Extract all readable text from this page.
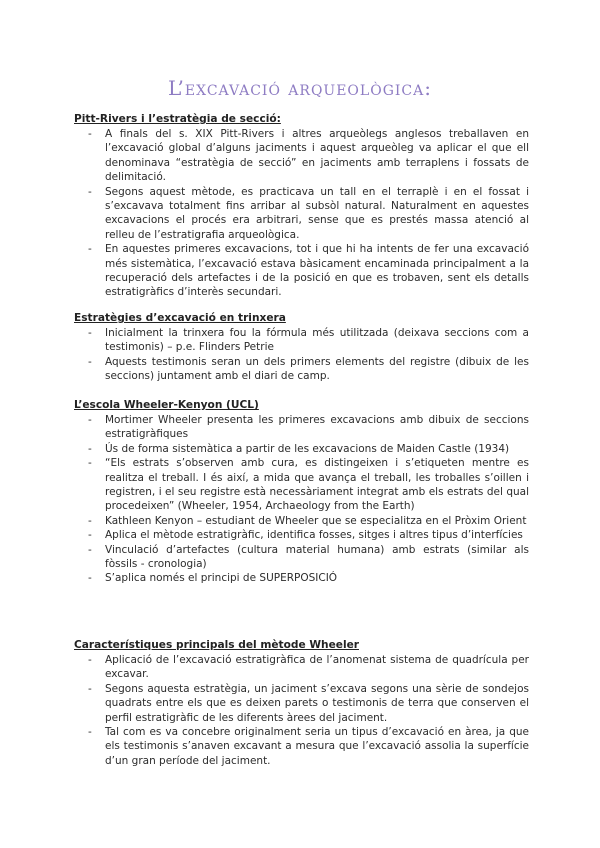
L’excavació arqueològica:
Pitt-Rivers i l’estratègia de secció:
- A finals del s. XIX Pitt-Rivers i altres arqueòlegs anglesos treballaven en l’excavació global d’alguns jaciments i aquest arqueòleg va aplicar el que ell denominava “estratègia de secció” en jaciments amb terraplens i fossats de delimitació.
- Segons aquest mètode, es practicava un tall en el terraplè i en el fossat i s’excavava totalment fins arribar al subsòl natural. Naturalment en aquestes excavacions el procés era arbitrari, sense que es prestés massa atenció al relleu de l’estratigrafia arqueològica.
- En aquestes primeres excavacions, tot i que hi ha intents de fer una excavació més sistemàtica, l’excavació estava bàsicament encaminada principalment a la recuperació dels artefactes i de la posició en que es trobaven, sent els detalls estratigràfics d’interès secundari.
Estratègies d’excavació en trinxera
- Inicialment la trinxera fou la fórmula més utilitzada (deixava seccions com a testimonis) – p.e. Flinders Petrie
- Aquests testimonis seran un dels primers elements del registre (dibuix de les seccions) juntament amb el diari de camp.
L’escola Wheeler-Kenyon (UCL)
- Mortimer Wheeler presenta les primeres excavacions amb dibuix de seccions estratigràfiques
- Ús de forma sistemàtica a partir de les excavacions de Maiden Castle (1934)
- “Els estrats s’observen amb cura, es distingeixen i s’etiqueten mentre es realitza el treball. I és així, a mida que avança el treball, les troballes s’oillen i registren, i el seu registre està necessàriament integrat amb els estrats del qual procedeixen” (Wheeler, 1954, Archaeology from the Earth)
- Kathleen Kenyon – estudiant de Wheeler que se especialitza en el Pròxim Orient
- Aplica el mètode estratigràfic, identifica fosses, sitges i altres tipus d’interfícies
- Vinculació d’artefactes (cultura material humana) amb estrats (similar als fòssils - cronologia)
- S’aplica només el principi de SUPERPOSICIÓ
Característiques principals del mètode Wheeler
- Aplicació de l’excavació estratigràfica de l’anomenat sistema de quadrícula per excavar.
- Segons aquesta estratègia, un jaciment s’excava segons una sèrie de sondejos quadrats entre els que es deixen parets o testimonis de terra que conserven el perfil estratigràfic de les diferents àrees del jaciment.
- Tal com es va concebre originalment seria un tipus d’excavació en àrea, ja que els testimonis s’anaven excavant a mesura que l’excavació assolia la superfície d’un gran període del jaciment.
